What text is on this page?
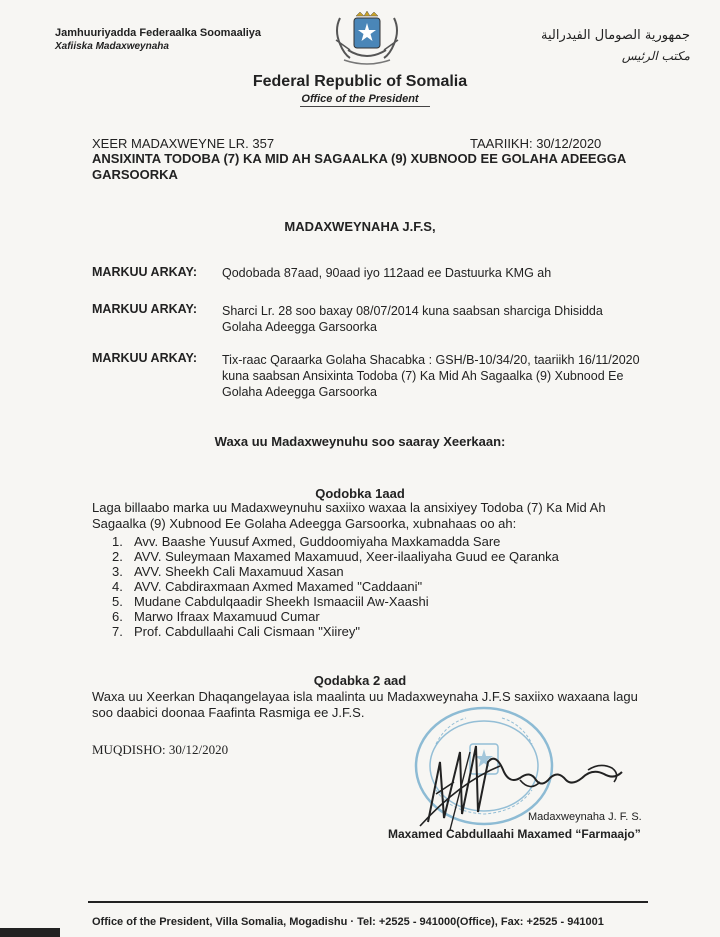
Jamhuuriyadda Federaalka Soomaaliya
Xafiiska Madaxweynaha
جمهورية الصومال الفيدرالية
مكتب الرئيس
Federal Republic of Somalia
Office of the President
XEER MADAXWEYNE LR. 357	TAARIIKH: 30/12/2020
ANSIXINTA TODOBA (7) KA MID AH SAGAALKA (9) XUBNOOD EE GOLAHA ADEEGGA GARSOORKA
MADAXWEYNAHA J.F.S,
MARKUU ARKAY: Qodobada 87aad, 90aad iyo 112aad ee Dastuurka KMG ah
MARKUU ARKAY: Sharci Lr. 28 soo baxay 08/07/2014 kuna saabsan sharciga Dhisidda Golaha Adeegga Garsoorka
MARKUU ARKAY: Tix-raac Qaraarka Golaha Shacabka : GSH/B-10/34/20, taariikh 16/11/2020 kuna saabsan Ansixinta Todoba (7) Ka Mid Ah Sagaalka (9) Xubnood Ee Golaha Adeegga Garsoorka
Waxa uu Madaxweynuhu soo saaray Xeerkaan:
Qodobka 1aad
Laga billaabo marka uu Madaxweynuhu saxiixo waxaa la ansixiyey Todoba (7) Ka Mid Ah Sagaalka (9) Xubnood Ee Golaha Adeegga Garsoorka, xubnahaas oo ah:
1. Avv. Baashe Yuusuf Axmed, Guddoomiyaha Maxkamadda Sare
2. AVV. Suleymaan Maxamed Maxamuud, Xeer-ilaaliyaha Guud ee Qaranka
3. AVV. Sheekh Cali Maxamuud Xasan
4. AVV. Cabdiraxmaan Axmed Maxamed "Caddaani"
5. Mudane Cabdulqaadir Sheekh Ismaaciil Aw-Xaashi
6. Marwo Ifraax Maxamuud Cumar
7. Prof. Cabdullaahi Cali Cismaan "Xiirey"
Qodabka 2 aad
Waxa uu Xeerkan Dhaqangelayaa isla maalinta uu Madaxweynaha J.F.S saxiixo waxaana lagu soo daabici doonaa Faafinta Rasmiga ee J.F.S.
MUQDISHO: 30/12/2020
Madaxweynaha J. F. S.
Maxamed Cabdullaahi Maxamed “Farmaajo”
Office of the President, Villa Somalia, Mogadishu · Tel: +2525 - 941000(Office), Fax: +2525 - 941001
